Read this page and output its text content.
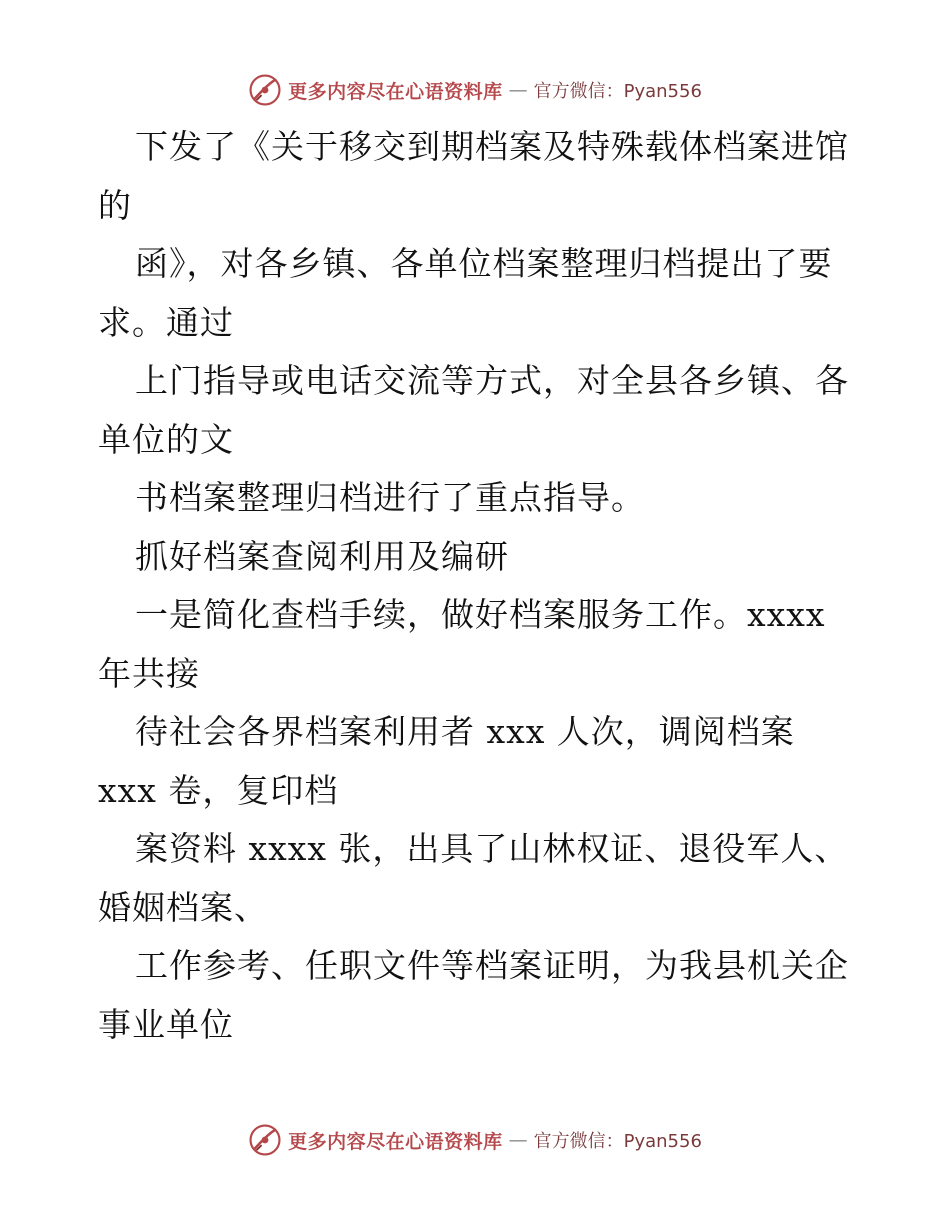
更多内容尽在心语资料库 — 官方微信：Pyan556

下发了《关于移交到期档案及特殊载体档案进馆的

函》，对各乡镇、各单位档案整理归档提出了要求。通过

上门指导或电话交流等方式，对全县各乡镇、各单位的文

书档案整理归档进行了重点指导。

抓好档案查阅利用及编研

一是简化查档手续，做好档案服务工作。xxxx 年共接

待社会各界档案利用者 xxx 人次，调阅档案 xxx 卷，复印档

案资料 xxxx 张，出具了山林权证、退役军人、婚姻档案、

工作参考、任职文件等档案证明，为我县机关企事业单位

更多内容尽在心语资料库 — 官方微信：Pyan556
